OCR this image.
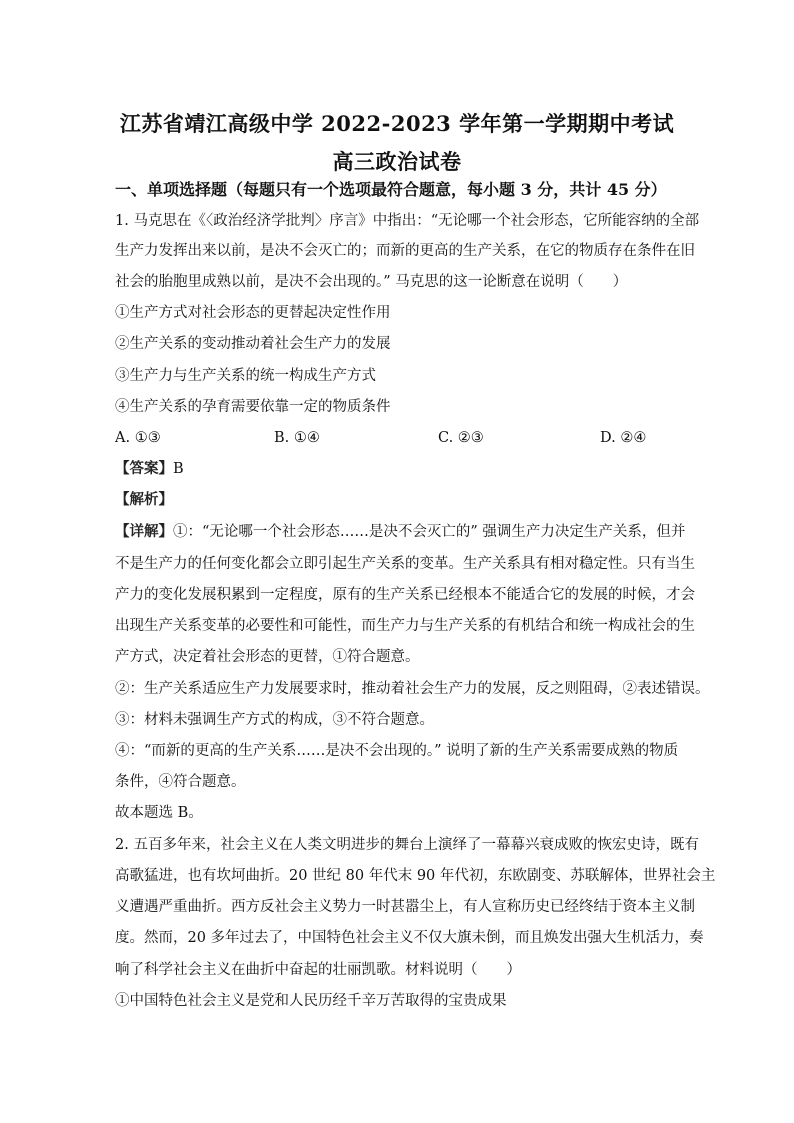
江苏省靖江高级中学 2022-2023 学年第一学期期中考试
高三政治试卷
一、单项选择题（每题只有一个选项最符合题意，每小题 3 分，共计 45 分）
1. 马克思在《〈政治经济学批判〉序言》中指出：“无论哪一个社会形态，它所能容纳的全部
生产力发挥出来以前，是决不会灭亡的；而新的更高的生产关系，在它的物质存在条件在旧
社会的胎胞里成熟以前，是决不会出现的。” 马克思的这一论断意在说明（　　）
①生产方式对社会形态的更替起决定性作用
②生产关系的变动推动着社会生产力的发展
③生产力与生产关系的统一构成生产方式
④生产关系的孕育需要依靠一定的物质条件
A. ①③	B. ①④	C. ②③	D. ②④
【答案】B
【解析】
【详解】①：“无论哪一个社会形态……是决不会灭亡的” 强调生产力决定生产关系，但并
不是生产力的任何变化都会立即引起生产关系的变革。生产关系具有相对稳定性。只有当生
产力的变化发展积累到一定程度，原有的生产关系已经根本不能适合它的发展的时候，才会
出现生产关系变革的必要性和可能性，而生产力与生产关系的有机结合和统一构成社会的生
产方式，决定着社会形态的更替，①符合题意。
②：生产关系适应生产力发展要求时，推动着社会生产力的发展，反之则阻碍，②表述错误。
③：材料未强调生产方式的构成，③不符合题意。
④：“而新的更高的生产关系……是决不会出现的。” 说明了新的生产关系需要成熟的物质
条件，④符合题意。
故本题选 B。
2. 五百多年来，社会主义在人类文明进步的舞台上演绎了一幕幕兴衰成败的恢宏史诗，既有
高歌猛进，也有坎坷曲折。20 世纪 80 年代末 90 年代初，东欧剧变、苏联解体，世界社会主
义遭遇严重曲折。西方反社会主义势力一时甚嚣尘上，有人宣称历史已经终结于资本主义制
度。然而，20 多年过去了，中国特色社会主义不仅大旗未倒，而且焕发出强大生机活力，奏
响了科学社会主义在曲折中奋起的壮丽凯歌。材料说明（　　）
①中国特色社会主义是党和人民历经千辛万苦取得的宝贵成果
